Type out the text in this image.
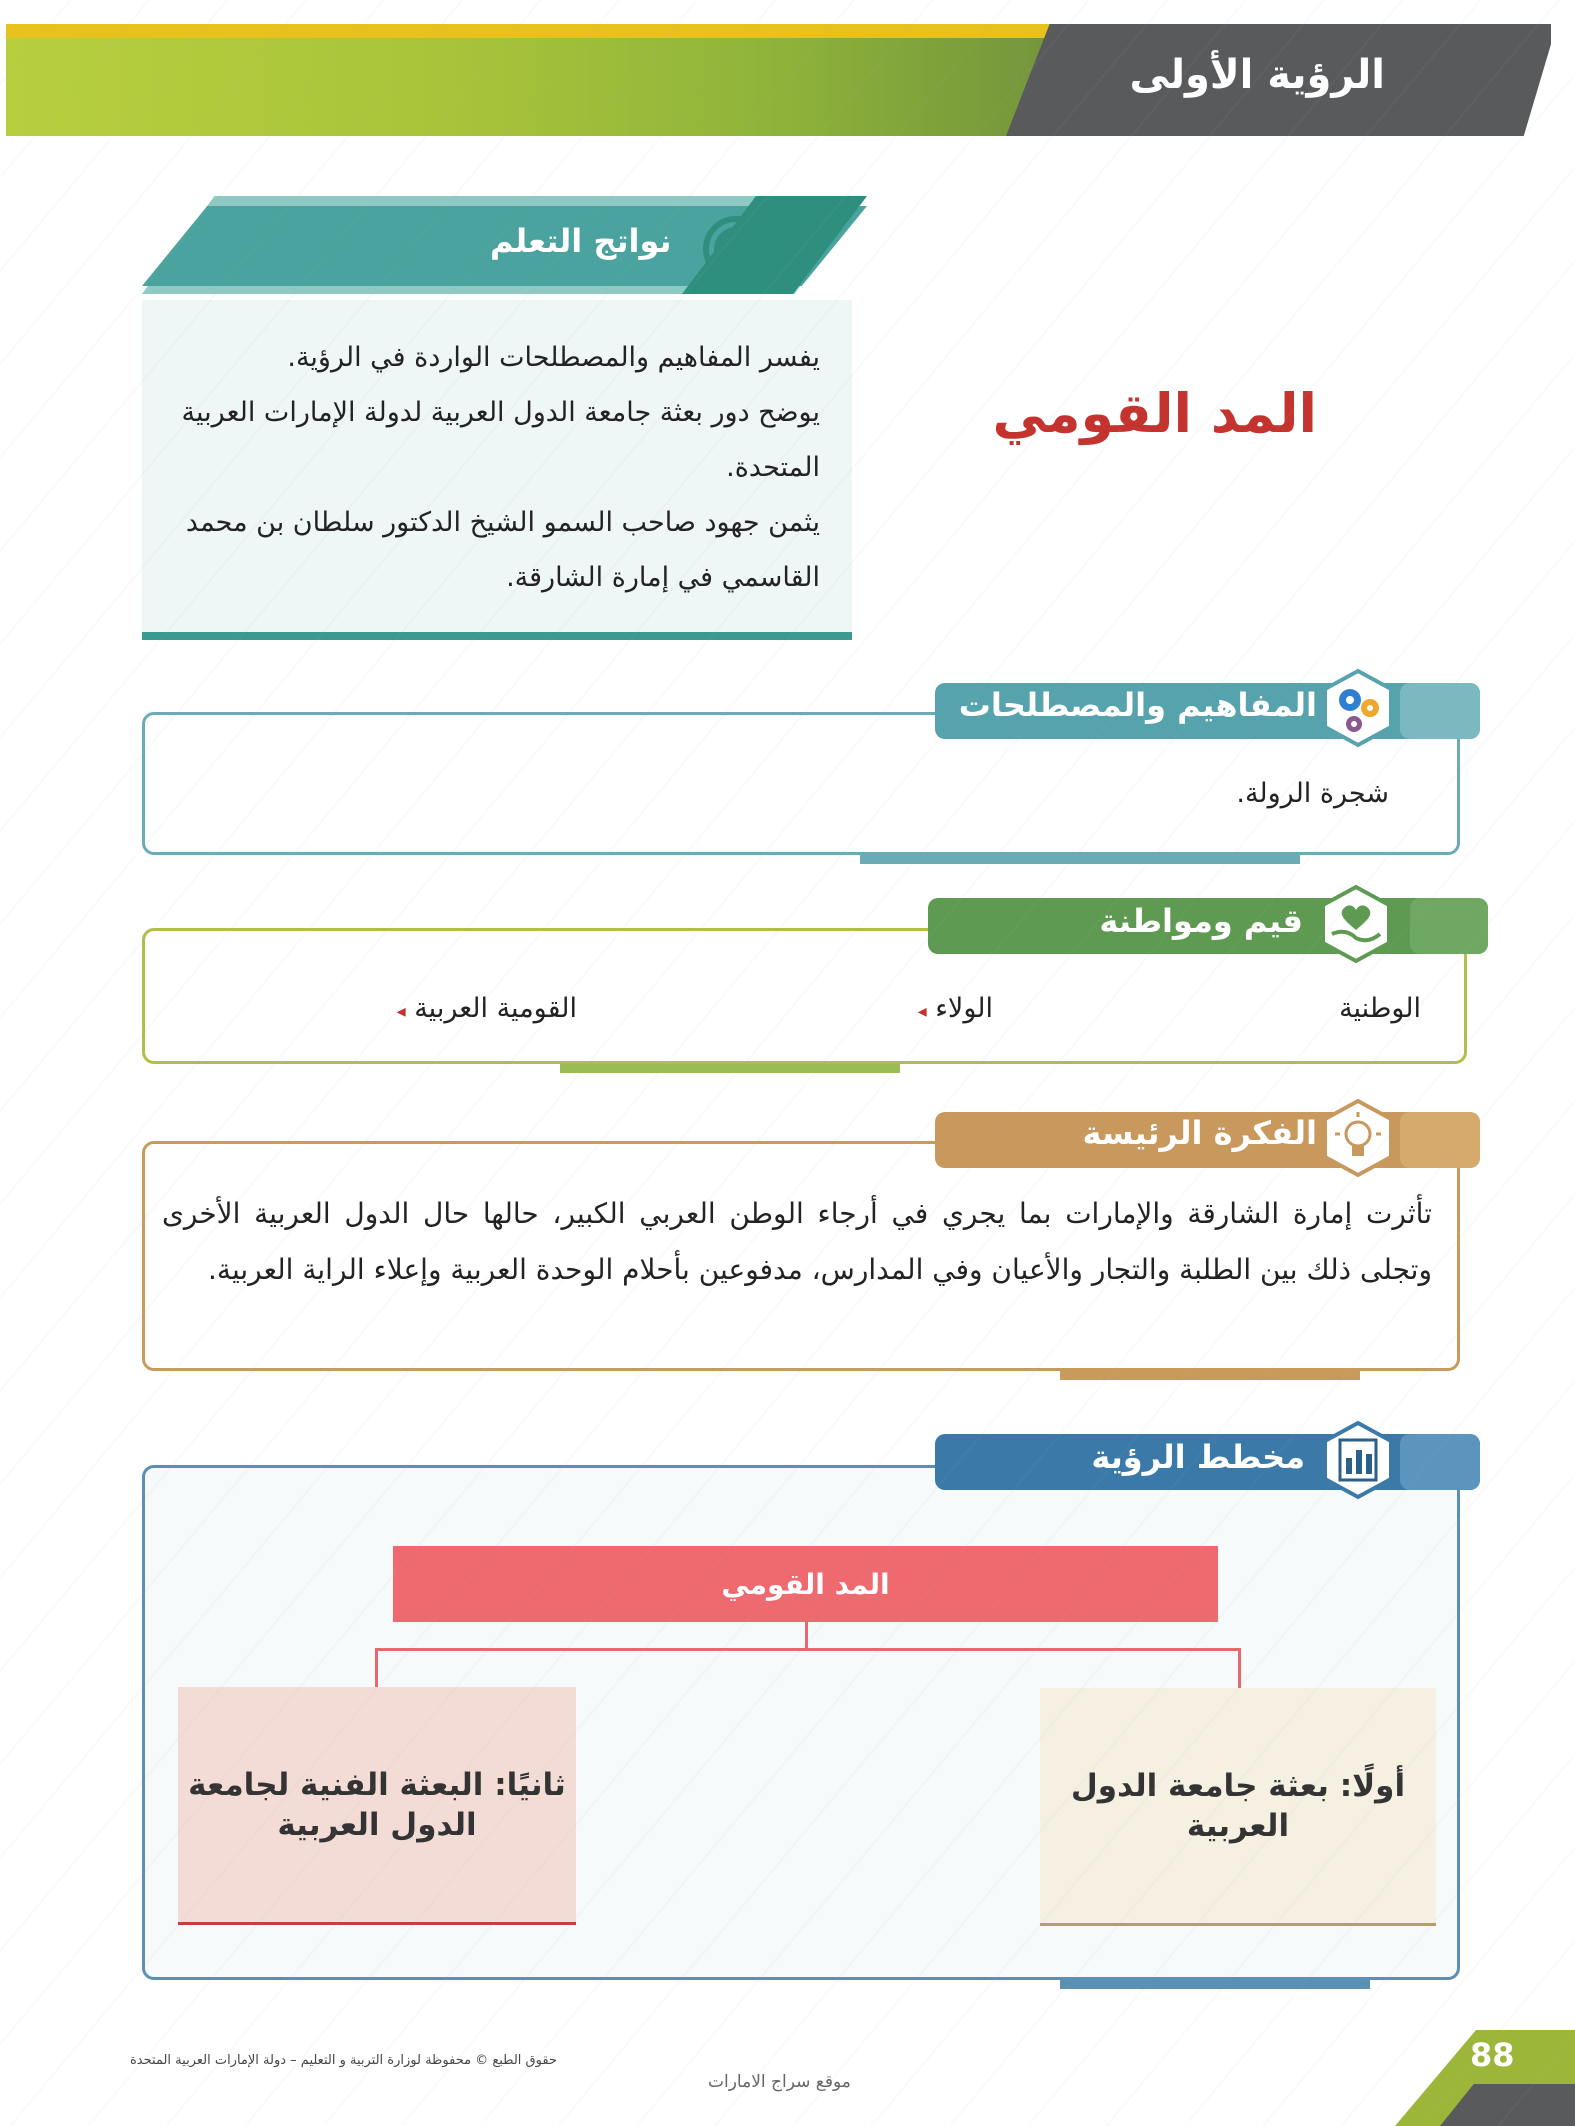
الرؤية الأولى
نواتج التعلم

يفسر المفاهيم والمصطلحات الواردة في الرؤية.

يوضح دور بعثة جامعة الدول العربية لدولة الإمارات العربية المتحدة.

يثمن جهود صاحب السمو الشيخ الدكتور سلطان بن محمد القاسمي في إمارة الشارقة.

المد القومي
المفاهيم والمصطلحات
شجرة الرولة.
قيم ومواطنة
الوطنية
الولاء ◂
القومية العربية ◂
الفكرة الرئيسة
تأثرت إمارة الشارقة والإمارات بما يجري في أرجاء الوطن العربي الكبير، حالها حال الدول العربية الأخرى وتجلى ذلك بين الطلبة والتجار والأعيان وفي المدارس، مدفوعين بأحلام الوحدة العربية وإعلاء الراية العربية.
مخطط الرؤية
المد القومي
أولًا: بعثة جامعة الدول العربية
ثانيًا: البعثة الفنية لجامعة الدول العربية
88
حقوق الطبع © محفوظة لوزارة التربية و التعليم – دولة الإمارات العربية المتحدة
موقع سراج الامارات
